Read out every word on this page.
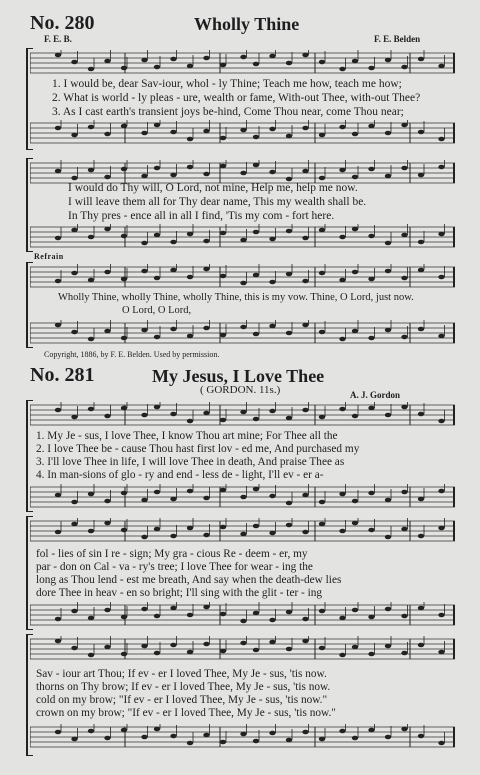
No. 280	Wholly Thine
F. E. B.	F. E. Belden
1. I would be, dear Sav-iour, whol - ly Thine; Teach me how, teach me how;
2. What is world - ly pleas - ure, wealth or fame, With-out Thee, with-out Thee?
3. As I cast earth's transient joys be-hind, Come Thou near, come Thou near;
I would do Thy will, O Lord, not mine, Help me, help me now.
I will leave them all for Thy dear name, This my wealth shall be.
In Thy pres - ence all in all I find, 'Tis my com - fort here.
Refrain
Wholly Thine, wholly Thine, wholly Thine, this is my vow. Thine, O Lord, just now.
O Lord, O Lord,
Copyright, 1886, by F. E. Belden. Used by permission.
No. 281	My Jesus, I Love Thee
( GORDON. 11s.)	A. J. Gordon
1. My Je - sus, I love Thee, I know Thou art mine; For Thee all the
2. I love Thee be - cause Thou hast first lov - ed me, And purchased my
3. I'll love Thee in life, I will love Thee in death, And praise Thee as
4. In man-sions of glo - ry and end - less de - light, I'll ev - er a-
fol - lies of sin I re - sign; My gra - cious Re - deem - er, my
par - don on Cal - va - ry's tree; I love Thee for wear - ing the
long as Thou lend - est me breath, And say when the death-dew lies
dore Thee in heav - en so bright; I'll sing with the glit - ter - ing
Sav - iour art Thou; If ev - er I loved Thee, My Je - sus, 'tis now.
thorns on Thy brow; If ev - er I loved Thee, My Je - sus, 'tis now.
cold on my brow; "If ev - er I loved Thee, My Je - sus, 'tis now."
crown on my brow; "If ev - er I loved Thee, My Je - sus, 'tis now."
